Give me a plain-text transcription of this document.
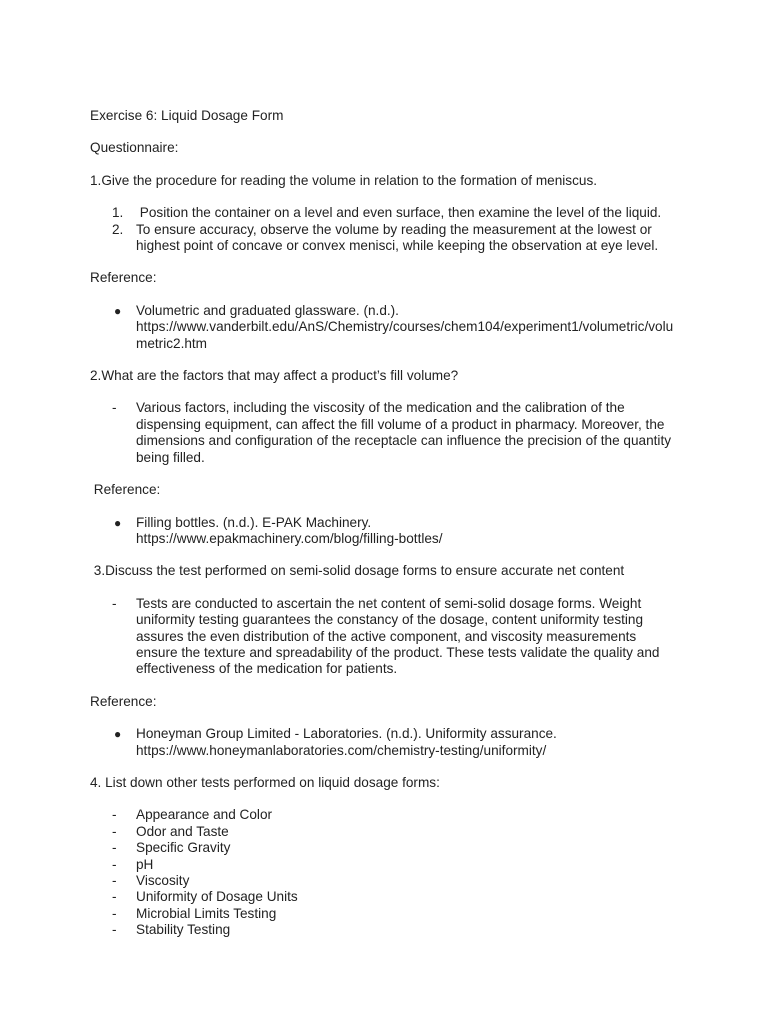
Exercise 6: Liquid Dosage Form

Questionnaire:

1.Give the procedure for reading the volume in relation to the formation of meniscus.

1. Position the container on a level and even surface, then examine the level of the liquid.
2. To ensure accuracy, observe the volume by reading the measurement at the lowest or highest point of concave or convex menisci, while keeping the observation at eye level.

Reference:

● Volumetric and graduated glassware. (n.d.).
https://www.vanderbilt.edu/AnS/Chemistry/courses/chem104/experiment1/volumetric/volumetric2.htm

2.What are the factors that may affect a product’s fill volume?

- Various factors, including the viscosity of the medication and the calibration of the dispensing equipment, can affect the fill volume of a product in pharmacy. Moreover, the dimensions and configuration of the receptacle can influence the precision of the quantity being filled.

Reference:

● Filling bottles. (n.d.). E-PAK Machinery.
https://www.epakmachinery.com/blog/filling-bottles/

3.Discuss the test performed on semi-solid dosage forms to ensure accurate net content

- Tests are conducted to ascertain the net content of semi-solid dosage forms. Weight uniformity testing guarantees the constancy of the dosage, content uniformity testing assures the even distribution of the active component, and viscosity measurements ensure the texture and spreadability of the product. These tests validate the quality and effectiveness of the medication for patients.

Reference:

● Honeyman Group Limited - Laboratories. (n.d.). Uniformity assurance.
https://www.honeymanlaboratories.com/chemistry-testing/uniformity/

4. List down other tests performed on liquid dosage forms:

- Appearance and Color
- Odor and Taste
- Specific Gravity
- pH
- Viscosity
- Uniformity of Dosage Units
- Microbial Limits Testing
- Stability Testing
